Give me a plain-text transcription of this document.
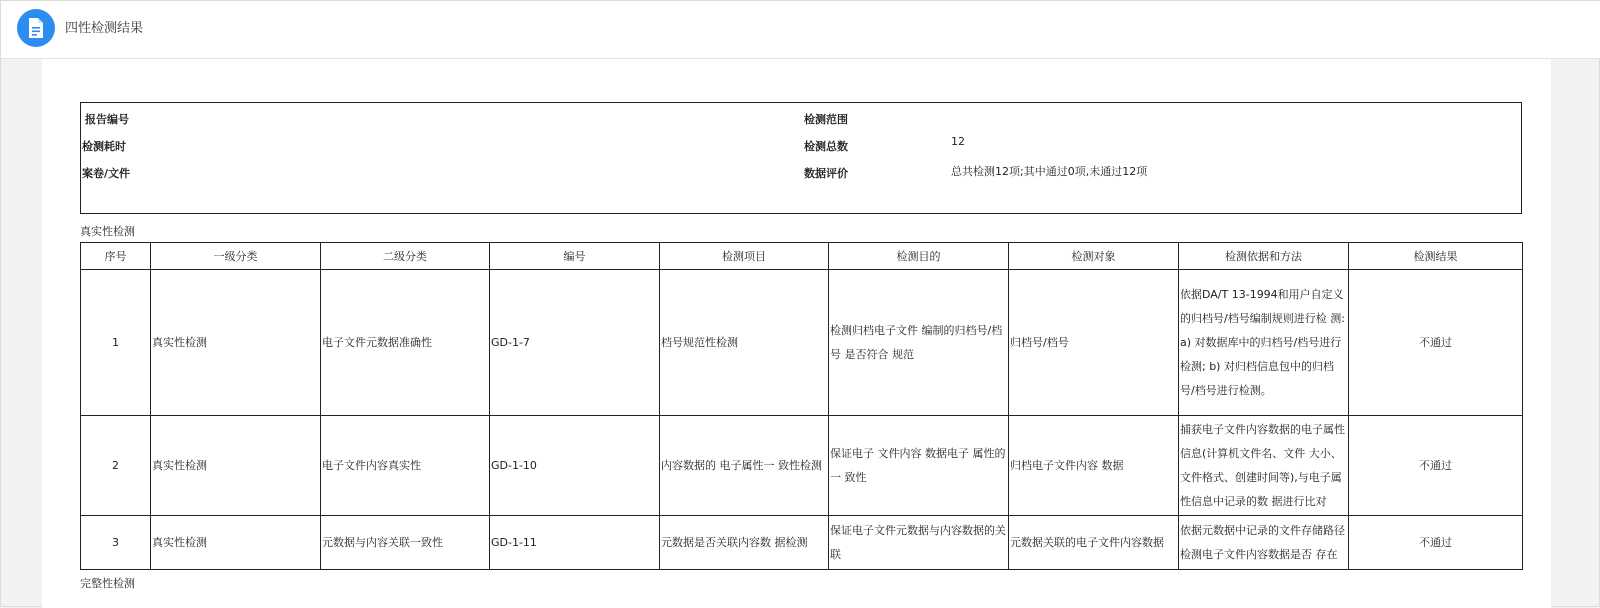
四性检测结果
报告编号	检测范围
检测耗时	检测总数	12
案卷/文件	数据评价	总共检测12项;其中通过0项,未通过12项
真实性检测
序号	一级分类	二级分类	编号	检测项目	检测目的	检测对象	检测依据和方法	检测结果
1	真实性检测	电子文件元数据准确性	GD-1-7	档号规范性检测	检测归档电子文件 编制的归档号/档号 是否符合 规范	归档号/档号	依据DA/T 13-1994和用户自定义的归档号/档号编制规则进行检 测: a) 对数据库中的归档号/档号进行检测; b) 对归档信息包中的归档号/档号进行检测。	不通过
2	真实性检测	电子文件内容真实性	GD-1-10	内容数据的 电子属性一 致性检测	保证电子 文件内容 数据电子 属性的一 致性	归档电子文件内容 数据	捕获电子文件内容数据的电子属性信息(计算机文件名、文件 大小、文件格式、创建时间等),与电子属性信息中记录的数 据进行比对	不通过
3	真实性检测	元数据与内容关联一致性	GD-1-11	元数据是否关联内容数 据检测	保证电子文件元数据与内容数据的关联	元数据关联的电子文件内容数据	依据元数据中记录的文件存储路径检测电子文件内容数据是否 存在	不通过
完整性检测
